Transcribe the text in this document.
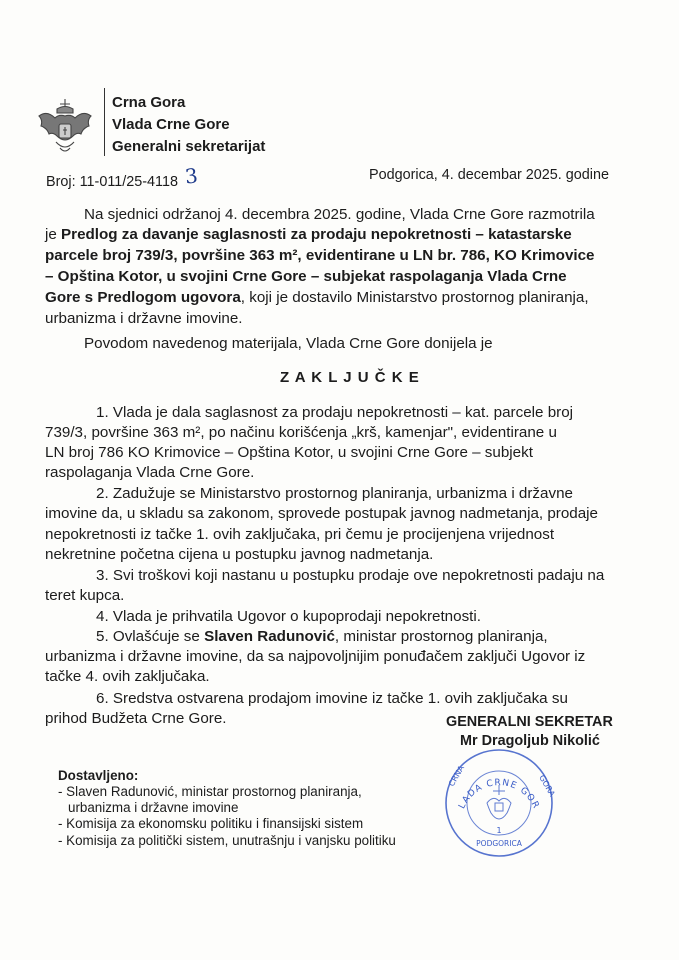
Crna Gora
Vlada Crne Gore
Generalni sekretarijat
Broj: 11-011/25-4118 3	Podgorica, 4. decembar 2025. godine
Na sjednici održanoj 4. decembra 2025. godine, Vlada Crne Gore razmotrila
je Predlog za davanje saglasnosti za prodaju nepokretnosti – katastarske
parcele broj 739/3, površine 363 m², evidentirane u LN br. 786, KO Krimovice
– Opština Kotor, u svojini Crne Gore – subjekat raspolaganja Vlada Crne
Gore s Predlogom ugovora, koji je dostavilo Ministarstvo prostornog planiranja,
urbanizma i državne imovine.
Povodom navedenog materijala, Vlada Crne Gore donijela je
Z A K L J U Č K E
1. Vlada je dala saglasnost za prodaju nepokretnosti – kat. parcele broj
739/3, površine 363 m², po načinu korišćenja „krš, kamenjar", evidentirane u
LN broj 786 KO Krimovice – Opština Kotor, u svojini Crne Gore – subjekt
raspolaganja Vlada Crne Gore.
2. Zadužuje se Ministarstvo prostornog planiranja, urbanizma i državne
imovine da, u skladu sa zakonom, sprovede postupak javnog nadmetanja, prodaje
nepokretnosti iz tačke 1. ovih zaključaka, pri čemu je procijenjena vrijednost
nekretnine početna cijena u postupku javnog nadmetanja.
3. Svi troškovi koji nastanu u postupku prodaje ove nepokretnosti padaju na
teret kupca.
4. Vlada je prihvatila Ugovor o kupoprodaji nepokretnosti.
5. Ovlašćuje se Slaven Radunović, ministar prostornog planiranja,
urbanizma i državne imovine, da sa najpovoljnijim ponuđačem zaključi Ugovor iz
tačke 4. ovih zaključaka.
6. Sredstva ostvarena prodajom imovine iz tačke 1. ovih zaključaka su
prihod Budžeta Crne Gore.	GENERALNI SEKRETAR
Mr Dragoljub Nikolić
LADA CRNE GOR
CRNA	GORA
1
PODGORICA
Dostavljeno:
- Slaven Radunović, ministar prostornog planiranja,
urbanizma i državne imovine
- Komisija za ekonomsku politiku i finansijski sistem
- Komisija za politički sistem, unutrašnju i vanjsku politiku
